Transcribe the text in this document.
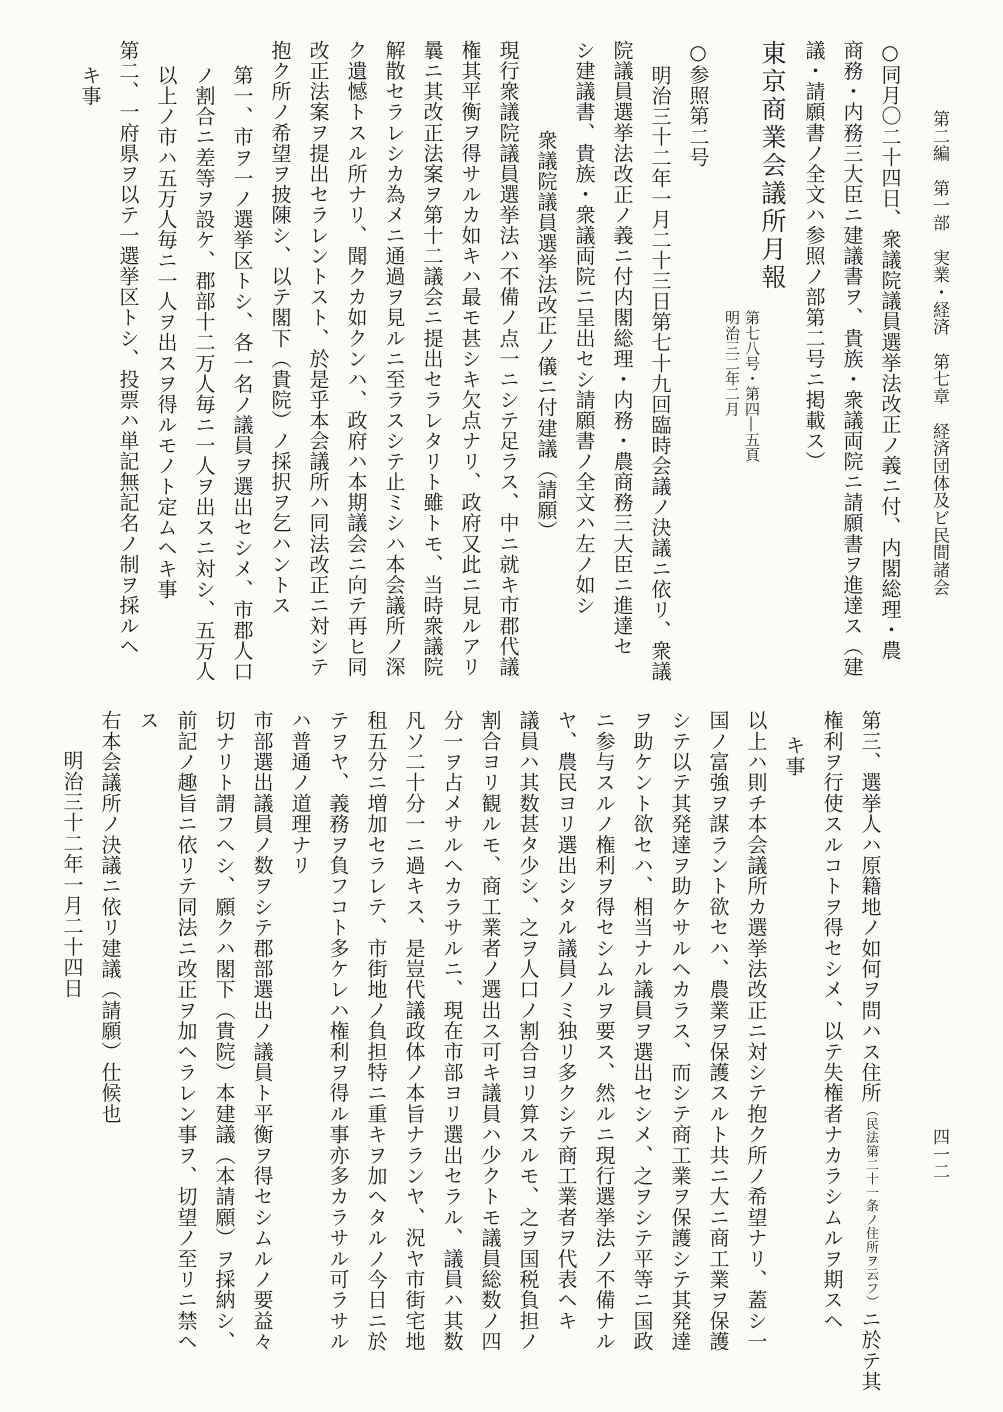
第二編　第一部　実業・経済　第七章　経済団体及ビ民間諸会
四一二
○同月〇二十四日、衆議院議員選挙法改正ノ義ニ付、内閣総理・農
商務・内務三大臣ニ建議書ヲ、貴族・衆議両院ニ請願書ヲ進達ス（建
議・請願書ノ全文ハ参照ノ部第二号ニ掲載ス）
東京商業会議所月報
第七八号・第四―五頁
明治三二年二月
○参照第二号
明治三十二年一月二十三日第七十九回臨時会議ノ決議ニ依リ、衆議
院議員選挙法改正ノ義ニ付内閣総理・内務・農商務三大臣ニ進達セ
シ建議書、貴族・衆議両院ニ呈出セシ請願書ノ全文ハ左ノ如シ
衆議院議員選挙法改正ノ儀ニ付建議（請願）
現行衆議院議員選挙法ハ不備ノ点一ニシテ足ラス、中ニ就キ市郡代議
権其平衡ヲ得サルカ如キハ最モ甚シキ欠点ナリ、政府又此ニ見ルアリ
曩ニ其改正法案ヲ第十二議会ニ提出セラレタリト雖トモ、当時衆議院
解散セラレシカ為メニ通過ヲ見ルニ至ラスシテ止ミシハ本会議所ノ深
ク遺憾トスル所ナリ、聞クカ如クンハ、政府ハ本期議会ニ向テ再ヒ同
改正法案ヲ提出セラレントスト、於是乎本会議所ハ同法改正ニ対シテ
抱ク所ノ希望ヲ披陳シ、以テ閣下（貴院）ノ採択ヲ乞ハントス
第一、市ヲ一ノ選挙区トシ、各一名ノ議員ヲ選出セシメ、市郡人口
ノ割合ニ差等ヲ設ケ、郡部十二万人毎ニ一人ヲ出スニ対シ、五万人
以上ノ市ハ五万人毎ニ一人ヲ出スヲ得ルモノト定ムヘキ事
第二、一府県ヲ以テ一選挙区トシ、投票ハ単記無記名ノ制ヲ採ルヘ
キ事
第三、選挙人ハ原籍地ノ如何ヲ問ハス住所（民法第二十一条ノ住所ヲ云フ）ニ於テ其
権利ヲ行使スルコトヲ得セシメ、以テ失権者ナカラシムルヲ期スヘ
キ事
以上ハ則チ本会議所カ選挙法改正ニ対シテ抱ク所ノ希望ナリ、蓋シ一
国ノ富強ヲ謀ラント欲セハ、農業ヲ保護スルト共ニ大ニ商工業ヲ保護
シテ以テ其発達ヲ助ケサルヘカラス、而シテ商工業ヲ保護シテ其発達
ヲ助ケント欲セハ、相当ナル議員ヲ選出セシメ、之ヲシテ平等ニ国政
ニ参与スルノ権利ヲ得セシムルヲ要ス、然ルニ現行選挙法ノ不備ナル
ヤ、農民ヨリ選出シタル議員ノミ独リ多クシテ商工業者ヲ代表ヘキ
議員ハ其数甚タ少シ、之ヲ人口ノ割合ヨリ算スルモ、之ヲ国税負担ノ
割合ヨリ観ルモ、商工業者ノ選出ス可キ議員ハ少クトモ議員総数ノ四
分一ヲ占メサルヘカラサルニ、現在市部ヨリ選出セラル、議員ハ其数
凡ソ二十分一ニ過キス、是豈代議政体ノ本旨ナランヤ、況ヤ市街宅地
租五分ニ増加セラレテ、市街地ノ負担特ニ重キヲ加ヘタルノ今日ニ於
テヲヤ、義務ヲ負フコト多ケレハ権利ヲ得ル事亦多カラサル可ラサル
ハ普通ノ道理ナリ
市部選出議員ノ数ヲシテ郡部選出ノ議員ト平衡ヲ得セシムルノ要益々
切ナリト謂フヘシ、願クハ閣下（貴院）本建議（本請願）ヲ採納シ、
前記ノ趣旨ニ依リテ同法ニ改正ヲ加ヘラレン事ヲ、切望ノ至リニ禁ヘ
ス
右本会議所ノ決議ニ依リ建議（請願）仕候也
明治三十二年一月二十四日
